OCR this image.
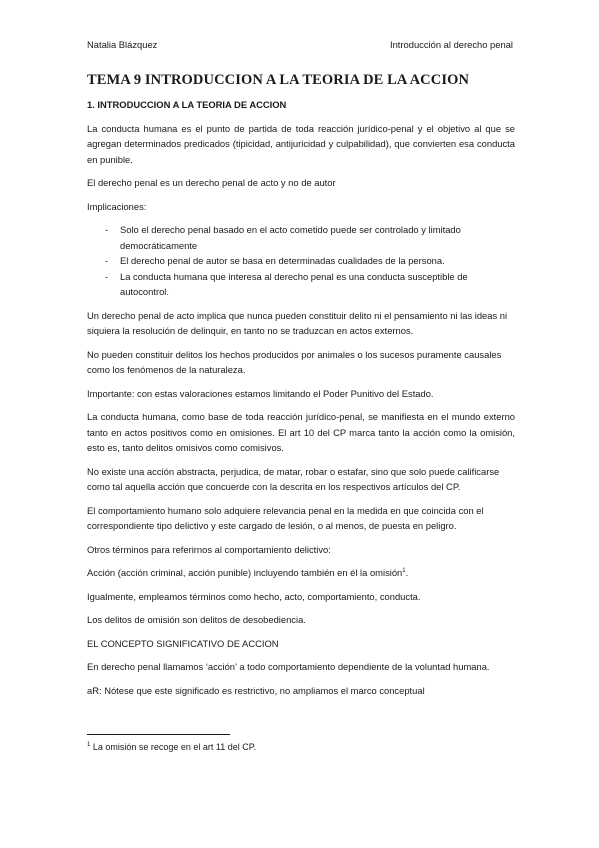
Natalia Blázquez	Introducción al derecho penal
TEMA 9 INTRODUCCION A LA TEORIA DE LA ACCION
1. INTRODUCCION A LA TEORIA DE ACCION

La conducta humana es el punto de partida de toda reacción jurídico-penal y el objetivo al que se agregan determinados predicados (tipicidad, antijuricidad y culpabilidad), que convierten esa conducta en punible.

El derecho penal es un derecho penal de acto y no de autor

Implicaciones:

- Solo el derecho penal basado en el acto cometido puede ser controlado y limitado democráticamente
- El derecho penal de autor se basa en determinadas cualidades de la persona.
- La conducta humana que interesa al derecho penal es una conducta susceptible de autocontrol.

Un derecho penal de acto implica que nunca pueden constituir delito ni el pensamiento ni las ideas ni siquiera la resolución de delinquir, en tanto no se traduzcan en actos externos.

No pueden constituir delitos los hechos producidos por animales o los sucesos puramente causales como los fenómenos de la naturaleza.

Importante: con estas valoraciones estamos limitando el Poder Punitivo del Estado.

La conducta humana, como base de toda reacción jurídico-penal, se manifiesta en el mundo externo tanto en actos positivos como en omisiones. El art 10 del CP marca tanto la acción como la omisión, esto es, tanto delitos omisivos como comisivos.

No existe una acción abstracta, perjudica, de matar, robar o estafar, sino que solo puede calificarse como tal aquella acción que concuerde con la descrita en los respectivos artículos del CP.

El comportamiento humano solo adquiere relevancia penal en la medida en que coincida con el correspondiente tipo delictivo y este cargado de lesión, o al menos, de puesta en peligro.

Otros términos para referirnos al comportamiento delictivo:

Acción (acción criminal, acción punible) incluyendo también en él la omisión$^1$.

Igualmente, empleamos términos como hecho, acto, comportamiento, conducta.

Los delitos de omisión son delitos de desobediencia.

EL CONCEPTO SIGNIFICATIVO DE ACCION

En derecho penal llamamos ‘acción’ a todo comportamiento dependiente de la voluntad humana.

aR: Nótese que este significado es restrictivo, no ampliamos el marco conceptual

$^1$ La omisión se recoge en el art 11 del CP.
